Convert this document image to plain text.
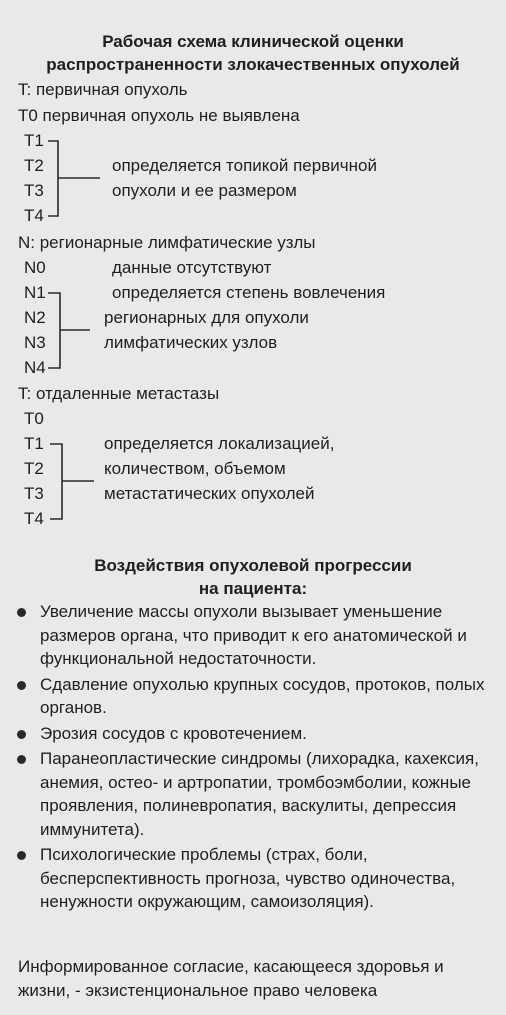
Рабочая схема клинической оценки
распространенности злокачественных опухолей
T: первичная опухоль
T0 первичная опухоль не выявлена
T1
T2
T3
T4
определяется топикой первичной
опухоли и ее размером
N: регионарные лимфатические узлы
N0	данные отсутствуют
N1
N2
N3
N4
определяется степень вовлечения
регионарных для опухоли
лимфатических узлов
T: отдаленные метастазы
T0
T1
T2
T3
T4
определяется локализацией,
количеством, объемом
метастатических опухолей
Воздействия опухолевой прогрессии
на пациента:
Увеличение массы опухоли вызывает уменьшение размеров органа, что приводит к его анатомической и функциональной недостаточности.
Сдавление опухолью крупных сосудов, протоков, полых органов.
Эрозия сосудов с кровотечением.
Паранеопластические синдромы (лихорадка, кахексия, анемия, остео- и артропатии, тромбоэмболии, кожные проявления, полиневропатия, васкулиты, депрессия иммунитета).
Психологические проблемы (страх, боли, бесперспективность прогноза, чувство одиночества, ненужности окружающим, самоизоляция).
Информированное согласие, касающееся здоровья и жизни, - экзистенциональное право человека
